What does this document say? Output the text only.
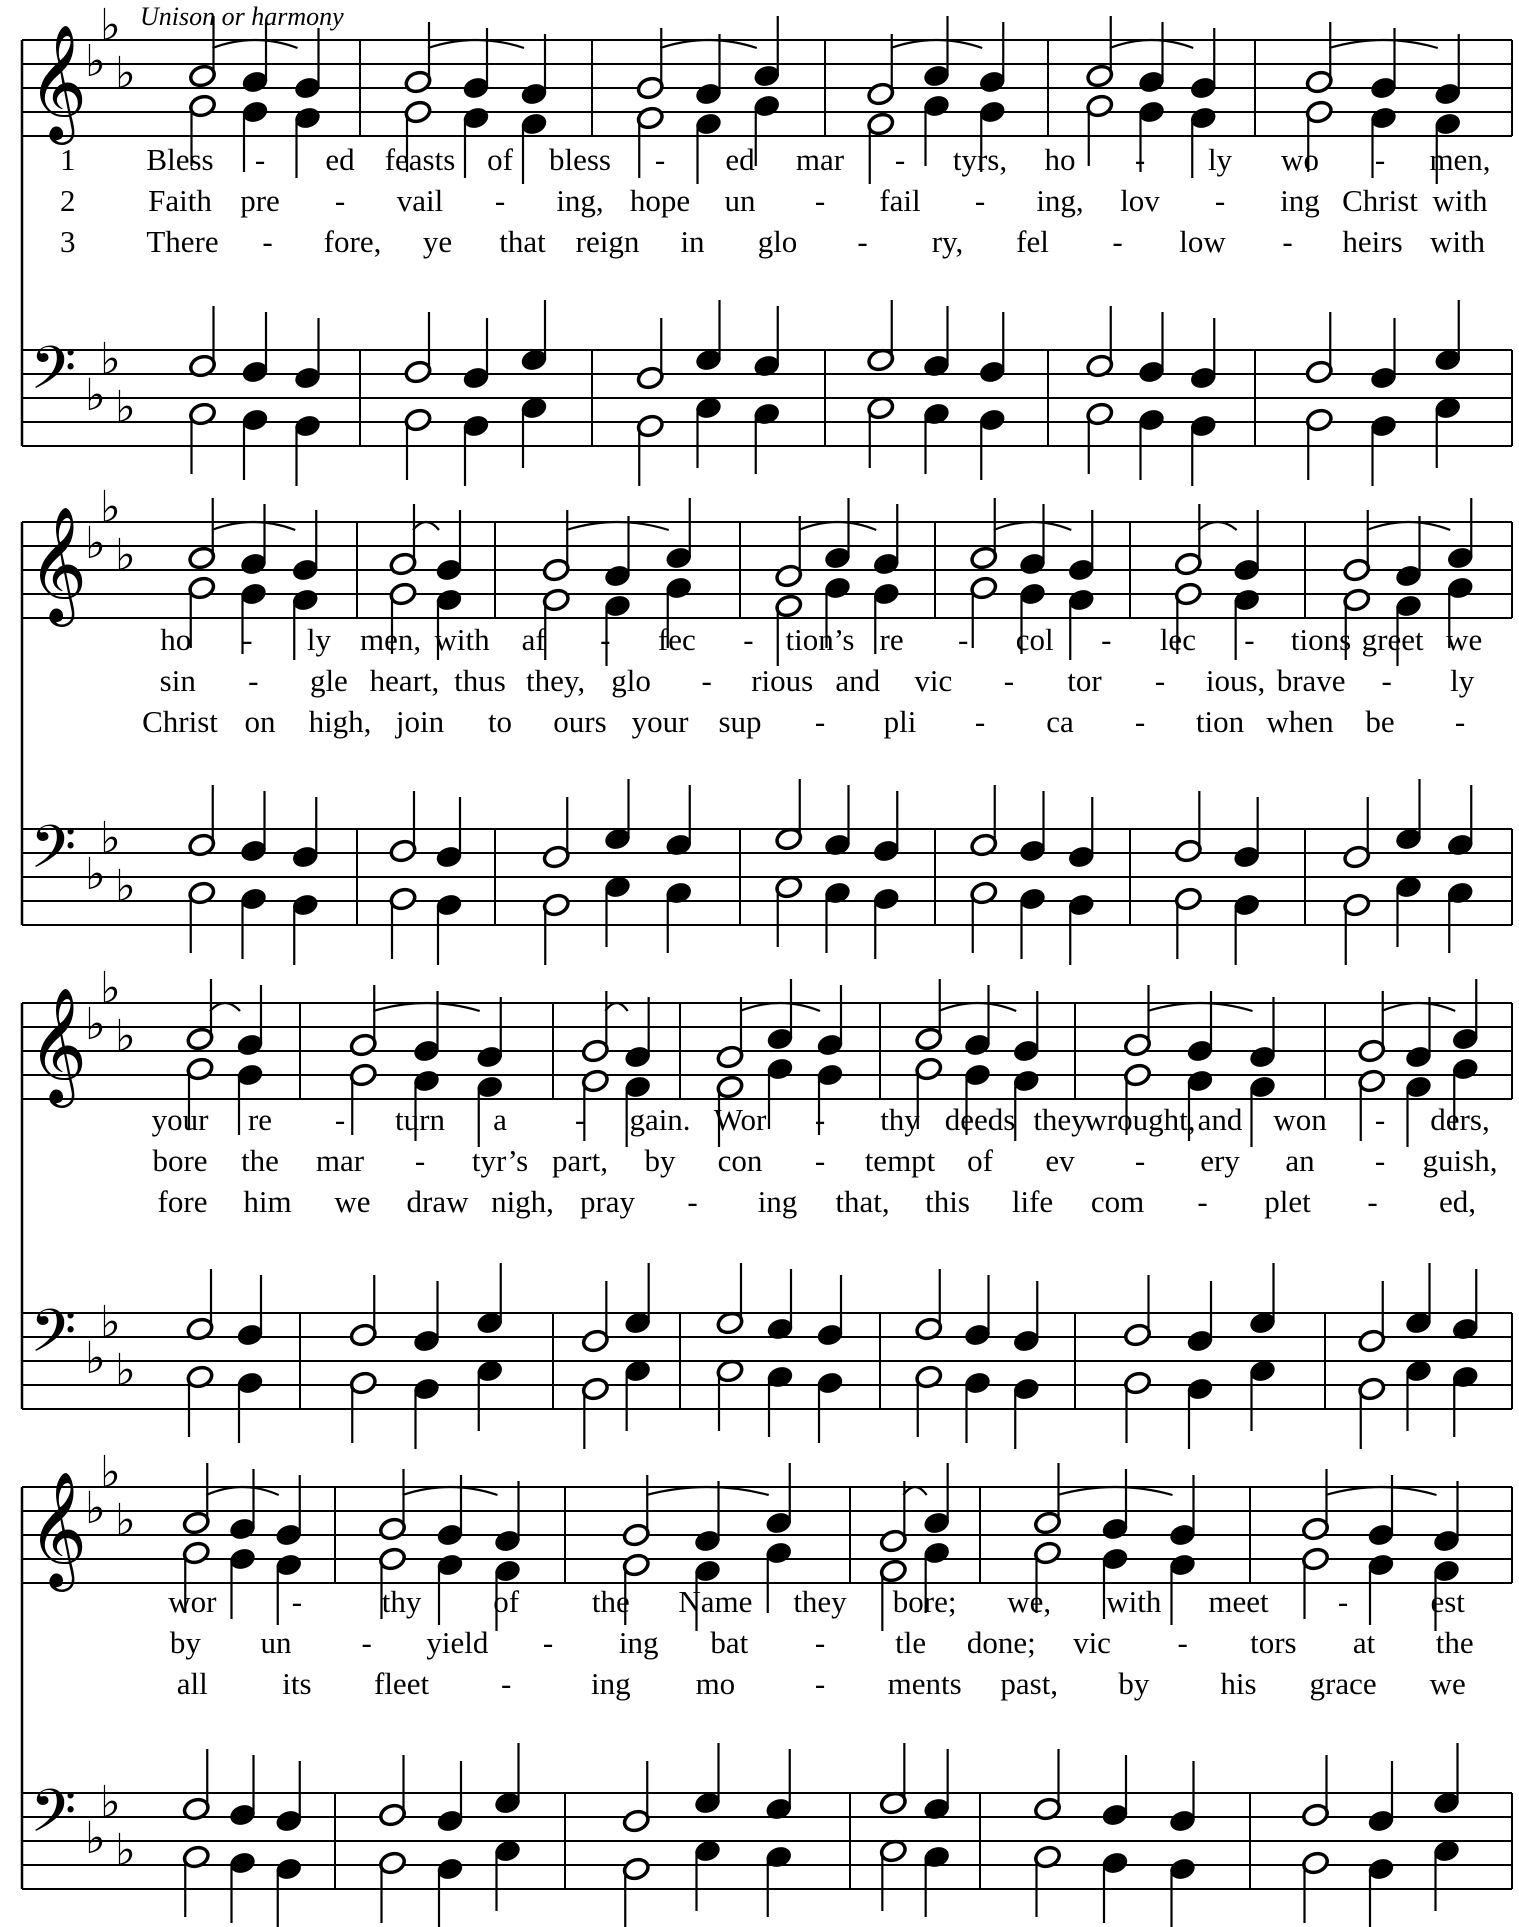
Unison or harmony
𝄞
𝄢
♭
♭
♭
♭
♭
♭
𝄞
𝄢
♭
♭
♭
♭
♭
♭
𝄞
𝄢
♭
♭
♭
♭
♭
♭
𝄞
𝄢
♭
♭
♭
♭
♭
♭
1 Bless - ed feasts of bless - ed mar - tyrs, ho - ly wo - men,
2 Faith pre - vail - ing, hope un - fail - ing, lov - ing Christ with
3 There - fore, ye that reign in glo - ry, fel - low - heirs with
ho - ly men, with af - fec - tion’s re - col - lec - tions greet we
sin - gle heart, thus they, glo - rious and vic - tor - ious, brave - ly
Christ on high, join to ours your sup - pli - ca - tion when be -
your re - turn a - gain. Wor - thy deeds they
wrought, and won - ders,
bore the mar - tyr’s part, by con - tempt of ev - ery an - guish,
fore him we draw nigh, pray - ing that, this life com - plet - ed,
wor -	thy of the Name they bore; we, with meet -	est
by un - yield - ing bat - tle done; vic - tors at the
all its fleet -	ing mo	- ments past, by his grace we
